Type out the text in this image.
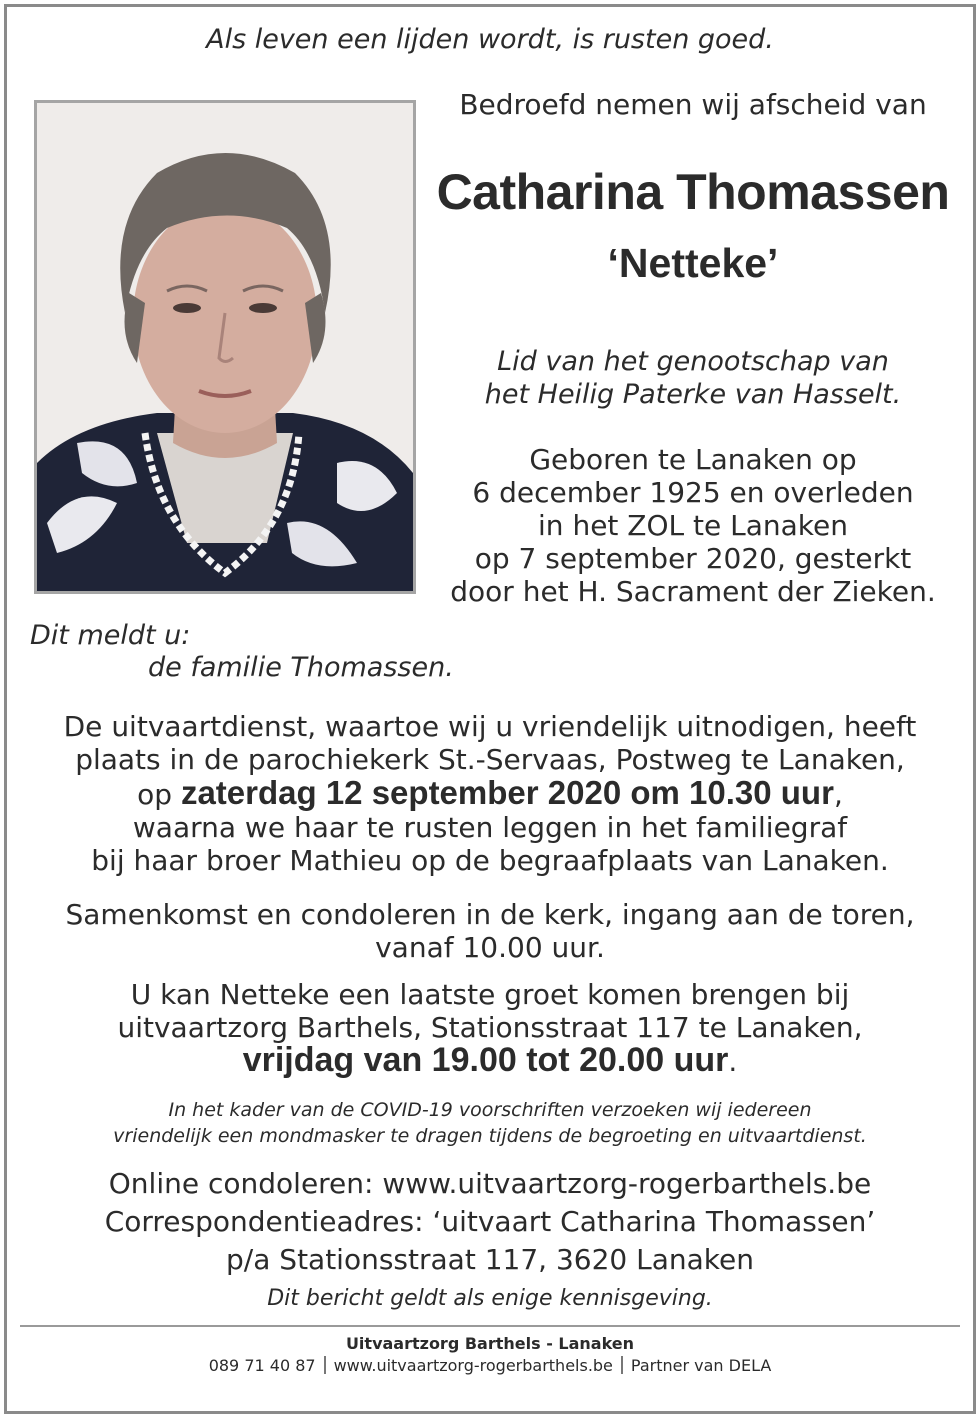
Als leven een lijden wordt, is rusten goed.
Bedroefd nemen wij afscheid van
Catharina Thomassen
‘Netteke’
Lid van het genootschap van
het Heilig Paterke van Hasselt.
Geboren te Lanaken op
6 december 1925 en overleden
in het ZOL te Lanaken
op 7 september 2020, gesterkt
door het H. Sacrament der Zieken.
Dit meldt u:
de familie Thomassen.
De uitvaartdienst, waartoe wij u vriendelijk uitnodigen, heeft
plaats in de parochiekerk St.-Servaas, Postweg te Lanaken,
op zaterdag 12 september 2020 om 10.30 uur,
waarna we haar te rusten leggen in het familiegraf
bij haar broer Mathieu op de begraafplaats van Lanaken.
Samenkomst en condoleren in de kerk, ingang aan de toren,
vanaf 10.00 uur.
U kan Netteke een laatste groet komen brengen bij
uitvaartzorg Barthels, Stationsstraat 117 te Lanaken,
vrijdag van 19.00 tot 20.00 uur.
In het kader van de COVID-19 voorschriften verzoeken wij iedereen
vriendelijk een mondmasker te dragen tijdens de begroeting en uitvaartdienst.
Online condoleren: www.uitvaartzorg-rogerbarthels.be
Correspondentieadres: ‘uitvaart Catharina Thomassen’
p/a Stationsstraat 117, 3620 Lanaken
Dit bericht geldt als enige kennisgeving.
Uitvaartzorg Barthels - Lanaken
089 71 40 87 www.uitvaartzorg-rogerbarthels.be Partner van DELA
